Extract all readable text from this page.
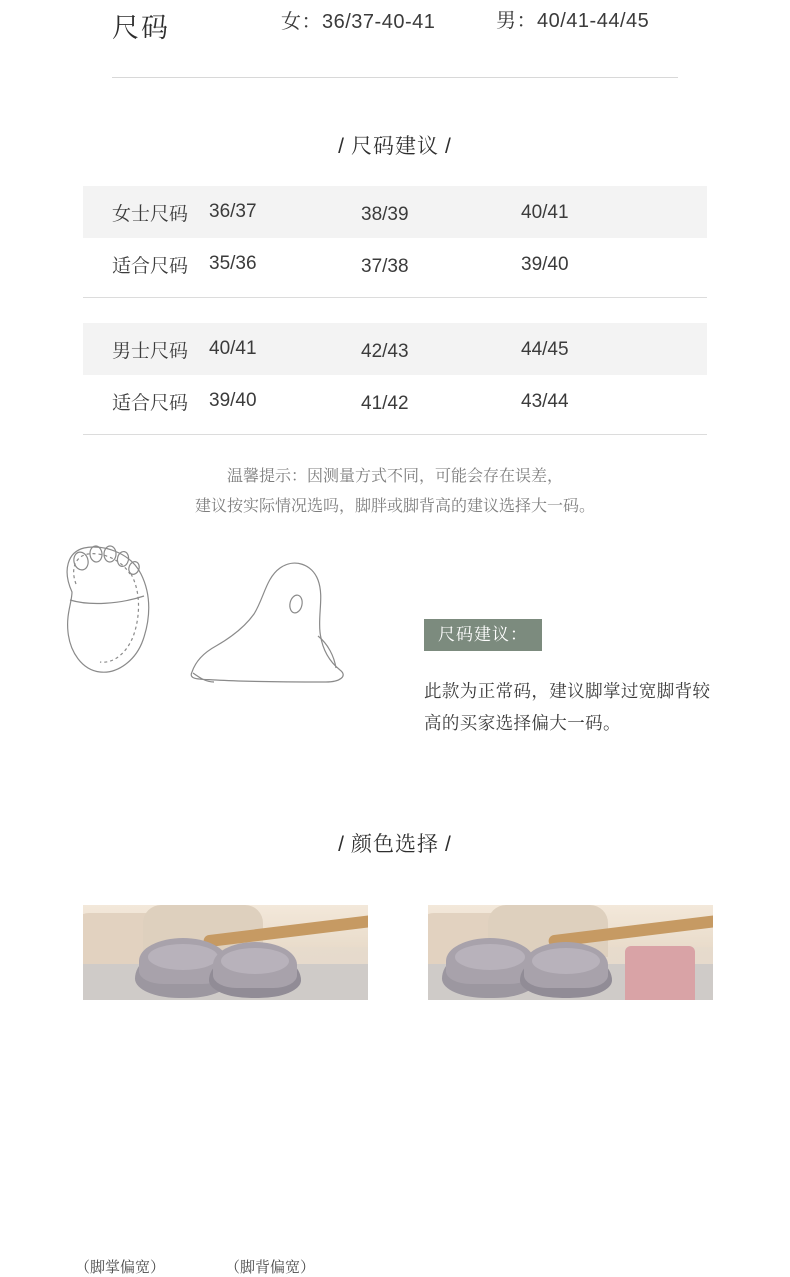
尺码	女：36/37-40-41	男：40/41-44/45
/ 尺码建议 /
女士尺码	36/37	38/39	40/41
适合尺码	35/36	37/38	39/40
男士尺码	40/41	42/43	44/45
适合尺码	39/40	41/42	43/44
温馨提示：因测量方式不同，可能会存在误差，
建议按实际情况选吗，脚胖或脚背高的建议选择大一码。
（脚掌偏宽）	（脚背偏宽）
尺码建议：
此款为正常码，建议脚掌过宽脚背较高的买家选择偏大一码。
/ 颜色选择 /
